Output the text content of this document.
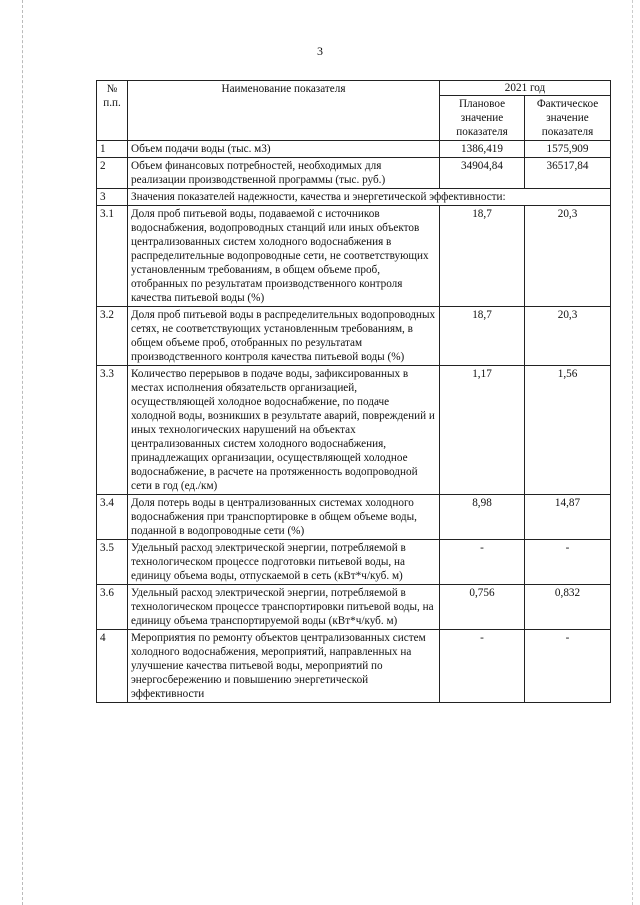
3
№ п.п.	Наименование показателя	2021 год	
		Плановое значение показателя	Фактическое значение показателя
1	Объем подачи воды (тыс. м3)	1386,419	1575,909
2	Объем финансовых потребностей, необходимых для реализации производственной программы (тыс. руб.)	34904,84	36517,84
3	Значения показателей надежности, качества и энергетической эффективности:		
3.1	Доля проб питьевой воды, подаваемой с источников водоснабжения, водопроводных станций или иных объектов централизованных систем холодного водоснабжения в распределительные водопроводные сети, не соответствующих установленным требованиям, в общем объеме проб, отобранных по результатам производственного контроля качества питьевой воды (%)	18,7	20,3
3.2	Доля проб питьевой воды в распределительных водопроводных сетях, не соответствующих установленным требованиям, в общем объеме проб, отобранных по результатам производственного контроля качества питьевой воды (%)	18,7	20,3
3.3	Количество перерывов в подаче воды, зафиксированных в местах исполнения обязательств организацией, осуществляющей холодное водоснабжение, по подаче холодной воды, возникших в результате аварий, повреждений и иных технологических нарушений на объектах централизованных систем холодного водоснабжения, принадлежащих организации, осуществляющей холодное водоснабжение, в расчете на протяженность водопроводной сети в год (ед./км)	1,17	1,56
3.4	Доля потерь воды в централизованных системах холодного водоснабжения при транспортировке в общем объеме воды, поданной в водопроводные сети (%)	8,98	14,87
3.5	Удельный расход электрической энергии, потребляемой в технологическом процессе подготовки питьевой воды, на единицу объема воды, отпускаемой в сеть (кВт*ч/куб. м)	-	-
3.6	Удельный расход электрической энергии, потребляемой в технологическом процессе транспортировки питьевой воды, на единицу объема транспортируемой воды (кВт*ч/куб. м)	0,756	0,832
4	Мероприятия по ремонту объектов централизованных систем холодного водоснабжения, мероприятий, направленных на улучшение качества питьевой воды, мероприятий по энергосбережению и повышению энергетической эффективности	-	-
